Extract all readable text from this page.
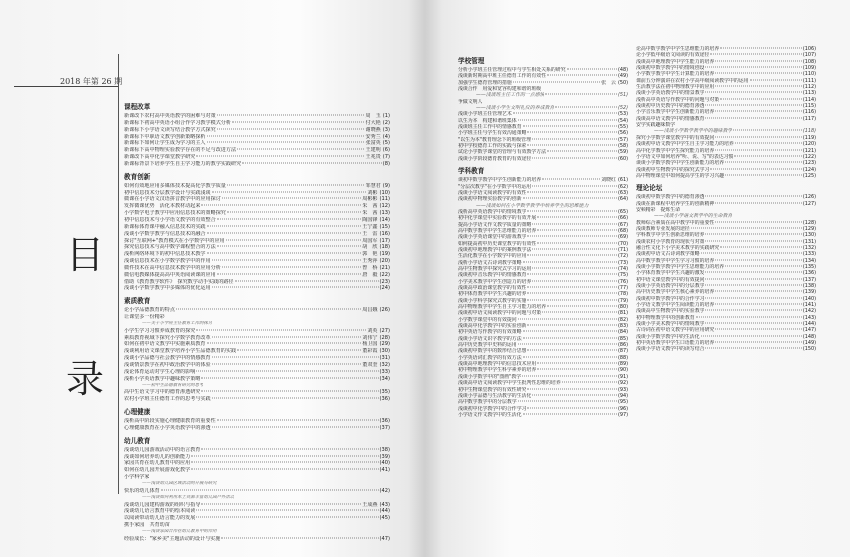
2018 年第 26 期
目
录
课程改革
新课改下农村高中英语教学的困难与对策	周　玉 (1)
新课标下初高中英语小组合作学习教学模式分析	付大艳 (2)
新课标下小学语文读写结合教学方式探究	谢晓燕 (3)
新课标下中职语文教学创新策略探析	安秀兰 (4)
新课标下如何让学生成为学习的主人	张富英 (5)
新课标下高中物理实验教学存在的不足与改进方法	王建明 (6)
新课改下高中化学课堂教学研究	王兆贵 (7)
新课标背景下培养学生自主学习能力的教学实践研究	(8)
教育创新
如何有效地应用多媒体技术提高化学教学质量	邹慧君 (9)
初中信息技术分层教学设计与实践浅谈	刘彬 (10)
微课在小学语文汉语拼音教学中的应用探讨	周彬彬 (11)
发挥微课优势　活化本教材动起来	朱　茜 (12)
小学数学电子教学中应用信息技术的策略探究	朱　茜 (13)
初中信息技术与小学语文教学的有效整合	陶国锋 (14)
新课标体育课中融入信息技术的实践	王宁鑫 (15)
浅谈小学数学教学与信息技术的融合	王　雷 (16)
探讨"互联网+"教育模式在小学数学中的应用	周国军 (17)
探究信息技术与高中数学课程整合的方法	胡　欣 (18)
浅析网络环境下的初中信息技术教学	郭　艳 (19)
浅谈信息技术在小学数学教学中的作用	王秀萍 (20)
微件技术在高中信息技术教学中的应用分析	曾　桥 (21)
微信电教媒体提高高中英语阅读课的应用	唐　毅 (22)
借助《教育教学软件》　探究数学动手实践的路径	(23)
浅谈小学数学教学中多媒体的优化运用	(24)
素质教育
论小学品德教育的特点	周昌娥 (26)
让课堂多一份精彩
——关于小学班主任教育工作的探讨
小学生学习习惯养成教育的探究	刘英 (27)
素质教育视域下探究小学数学教育改革	刘伟宁 (28)
如何在初中语文教学中实施素质教育	杨卫国 (29)
浅谈利用语文课堂教学培养小学生品德教育的实践	董彩霞 (30)
浅谈小学品德与社会教学中的情感教育	(31)
浅谈情景教学在初中政治教学中的体验	董双奎 (32)
浅论体育运动对学生心理的影响	(33)
浅析小学英语教学中趣味教学策略	(34)
——初中生品德教育研究的思考
高中生语文学习中的德育渗透研究	(35)
农村小学班主任德育工作的思考与实践	(36)
心理健康
浅析高中阶段实施心理健康教育的重要性	(36)
心理健康教育在小学英语教学中的渗透	(37)
幼儿教育
浅谈幼儿园游戏活动中的语言教育	(38)
浅谈如何培养幼儿的创新能力	(39)
家园共育在幼儿教育中的应用	(40)
如何在幼儿园开展游戏化教学	(41)
小学科学家
——浅谈幼儿园区域活动的开展与研究
快乐的幼儿体育	(42)
——浅谈如何利用本土资源丰富幼儿园户外活动
浅谈幼儿园建构游戏的组织与指导	王成燕 (43)
浅谈幼儿语言教育中的绘本阅读	(44)
以阅读带动幼儿语言能力的发展	(45)
携手家园　共育幼苗
——浅谈家园合作在幼儿教育中的作用
经验成长："家乡美"主题活动的设计与实施	(47)
学校管理
分析小学班主任管理过程中与学生相处关系的研究	(48)
浅谈新时期高中班主任德育工作的有效性	(49)
加强学生德育管理的措施	张　云 (50)
浅谈合作　用爱和宽容构建和谐的班级
——浅谈班主任工作的一点感悟	(51)
争做文明人
——浅谈小学生文明礼仪的养成教育	(52)
浅谈小学班主任管理艺术	(53)
以生为本　构建和谐班集体	(54)
浅谈班主任工作中的情感教育	(55)
小学班主任与学生有效沟通策略	(56)
"以生为本"教育理念下的班级管理	(57)
初中学校德育工作的实践与探索	(58)
试论小学数学课堂的管理与有效教学方法	(59)
浅谈小学阶段德育教育的有效途径	(60)
学科教育
谈初中数学教学中学生创新能力的培养	刘晓红 (61)
"分层次教学"在小学数学中的运用	(62)
浅谈小学语文阅读教学的有效性	(63)
浅谈初中物理实验教学的创新	(64)
——浅谈如何在小学数学教学中培养学生的思维能力
浅析高中英语教学中的情境教学	(65)
初中化学课堂中实验教学的有效开展	(66)
提高小学语文作文教学质量的策略	(67)
高中数学教学中学生思维能力的培养	(68)
浅谈小学英语课堂中的游戏教学	(69)
如何提高初中历史课堂教学的有效性	(70)
浅谈初中地理教学中的案例教学法	(71)
生活化教学在小学数学中的应用	(72)
浅析小学语文古诗词教学策略	(73)
高中生物教学中探究式学习的运用	(74)
浅谈初中音乐教学中的情感教育	(75)
小学美术教学中学生创造力的培养	(76)
浅谈高中政治课堂教学的有效性	(77)
初中体育教学中学生兴趣的培养	(78)
浅谈小学科学探究式教学的实施	(79)
高中物理教学中学生自主学习能力的培养	(80)
浅谈初中语文阅读教学中的问题与对策	(81)
小学数学课堂中的有效提问	(82)
浅谈高中化学教学中的实验创新	(83)
初中英语写作教学的有效策略	(84)
浅谈小学语文识字教学的方法	(85)
高中历史教学中史料的运用	(86)
浅谈初中数学中的数形结合思想	(87)
小学英语词汇教学的有效方法	(88)
浅谈高中地理教学中的信息技术应用	(89)
初中物理教学中学生科学素养的培养	(90)
浅谈小学数学中的"图画"教学	(91)
浅谈高中语文阅读教学中学生批判性思维的培养	(92)
初中生物课堂教学的有效性研究	(93)
浅谈小学品德与生活教学的生活化	(94)
高中数学教学中的分层教学	(95)
浅谈初中化学教学中的合作学习	(96)
小学语文作文教学中的生活化	(97)
论高中数学教学中学生思维能力的培养	(106)
论小学低年级语文阅读的有效途径	(107)
浅谈高中地理教学中学生能力的培养	(108)
浅谈初中数学教学中的情境创设	(109)
小学数学教学中学生计算能力的培养	(110)
课前五分钟演讲在农村小学高年级阅读教学中的运用	(111)
生活教学法在初中物理教学中的应用	(112)
浅谈小学英语教学中的情景教学	(113)
浅析高中英语写作教学中的问题与对策	(114)
浅谈初中历史教学中的德育渗透	(115)
小学音乐教学中学生创新能力的培养	(116)
浅谈高中语文教学中的情感教育	(117)
安学实践趣味数学
——浅谈小学数学教学中的趣味教学	(118)
探究小学数学课堂教学中的有效提问	(119)
浅谈初中语文教学中学生自主学习能力的培养	(120)
高中化学教学中学生探究能力的培养	(121)
小学语文中如何培养"听、说、写"的表达习惯	(122)
谈谈小学数学教学中学生创新能力的培养	(123)
浅谈初中生物教学中的探究式学习	(124)
高中物理课堂中如何提高学生的学习兴趣	(125)
理论论坛
浅谈初中数学教学中的德育渗透	(126)
浅谈在新课程中培养学生的创新精神	(127)
安顿精彩　提炼生命
——浅谈小学语文教学中的生命教育
教师综合素质在高中教学中的重要性	(128)
浅谈教师专业发展的途径	(129)
学科教学中学生创新思维的培养	(130)
浅谈农村小学教育的现状与对策	(131)
融合性文化下小学美术教学的实践研究	(132)
浅谈初中语文古诗词教学策略	(133)
高中数学教学中学生学习习惯的培养	(134)
浅谈小学数学教学中学生思维能力的培养	(135)
小学体育教学中学生兴趣的激发	(136)
初中语文课堂教学中的有效提问	(137)
浅谈小学英语教学中的分层教学	(138)
高中历史教学中学生核心素养的培养	(139)
浅谈初中数学教学中的合作学习	(140)
小学语文教学中学生阅读能力的培养	(141)
浅谈高中生物教学中的实验教学	(142)
初中物理教学中的创新教育	(143)
浅谈小学美术教学中的情境教学	(144)
古诗词在初中语文教学中的应用研究	(147)
浅谈小学数学教学中的生活化	(148)
初中英语教学中学生口语能力的培养	(149)
浅谈小学语文教学中的读写结合	(150)
